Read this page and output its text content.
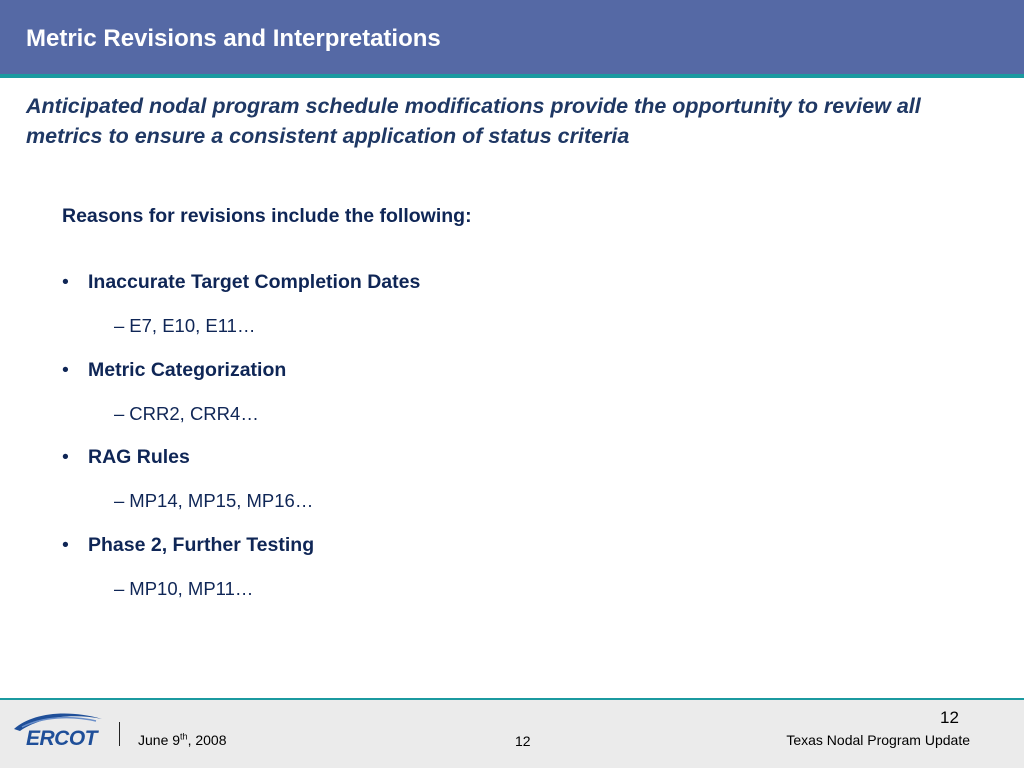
Metric Revisions and Interpretations

Anticipated nodal program schedule modifications provide the opportunity to review all metrics to ensure a consistent application of status criteria

Reasons for revisions include the following:

• Inaccurate Target Completion Dates
– E7, E10, E11…
• Metric Categorization
– CRR2, CRR4…
• RAG Rules
– MP14, MP15, MP16…
• Phase 2, Further Testing
– MP10, MP11…
ERCOT	June 9th, 2008	12
12
Texas Nodal Program Update
